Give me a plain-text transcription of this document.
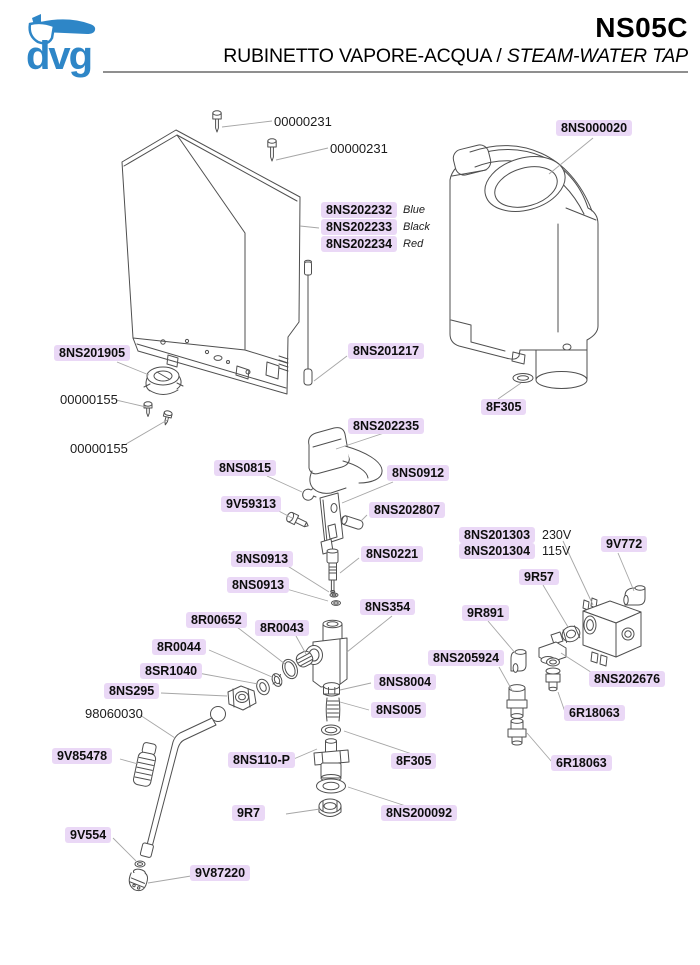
dvg
NS05C
RUBINETTO VAPORE-ACQUA / STEAM-WATER TAP
00000231
00000231
8NS000020
8NS202232	Blue
8NS202233	Black
8NS202234	Red
8NS201905	8NS201217
00000155
00000155
8F305
8NS202235
8NS0815	8NS0912
9V59313	8NS202807
8NS201303 230V
8NS201304 115V	9V772
8NS0913	8NS0221
8NS0913
9R57
8NS354	9R891
8R00652
8R0043
8R0044
8NS205924
8SR1040
8NS202676
8NS295
8NS8004
98060030	6R18063
8NS005
9V85478	8NS110-P	8F305	6R18063
9R7	8NS200092
9V554
9V87220
